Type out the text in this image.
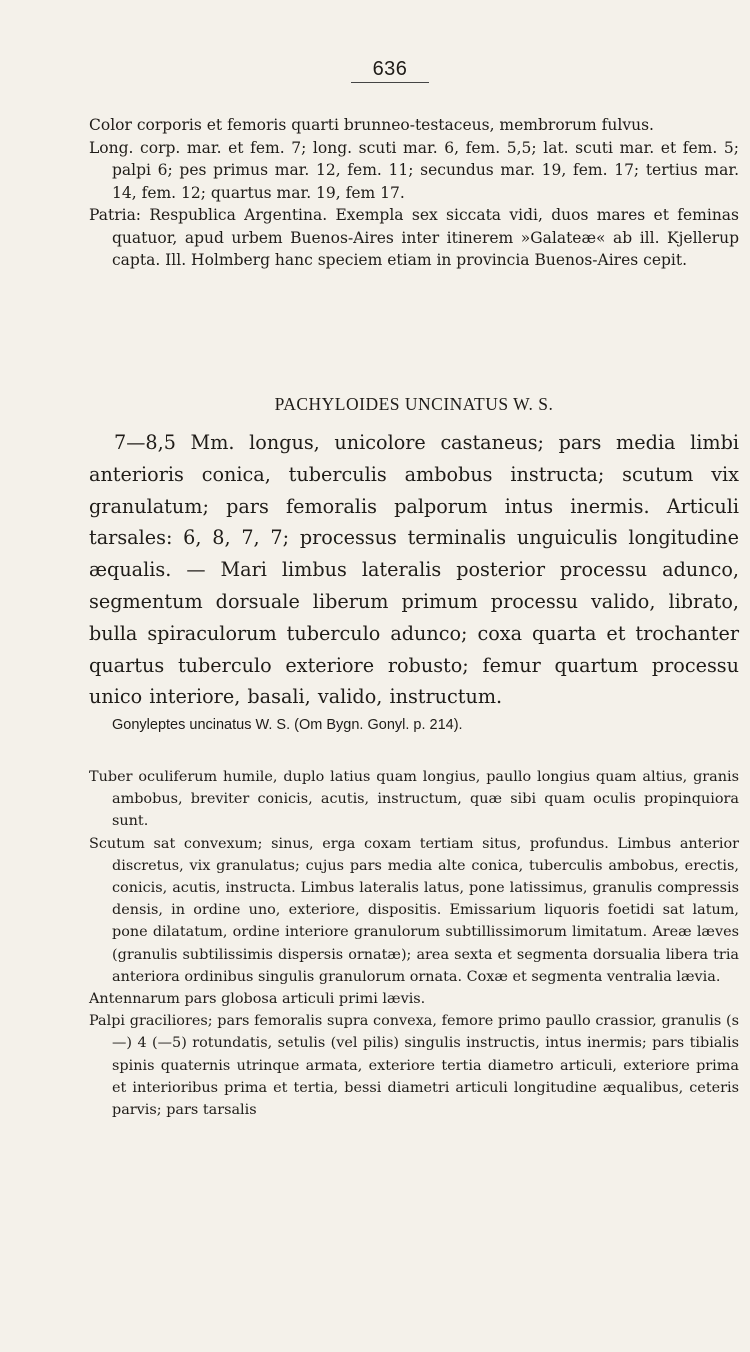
636

Color corporis et femoris quarti brunneo-testaceus, membrorum fulvus.

Long. corp. mar. et fem. 7; long. scuti mar. 6, fem. 5,5; lat. scuti mar. et fem. 5; palpi 6; pes primus mar. 12, fem. 11; secundus mar. 19, fem. 17; tertius mar. 14, fem. 12; quartus mar. 19, fem 17.

Patria: Respublica Argentina. Exempla sex siccata vidi, duos mares et feminas quatuor, apud urbem Buenos-Aires inter itinerem »Galateæ« ab ill. Kjellerup capta. Ill. Holmberg hanc speciem etiam in provincia Buenos-Aires cepit.

PACHYLOIDES UNCINATUS W. S.

7—8,5 Mm. longus, unicolore castaneus; pars media limbi anterioris conica, tuberculis ambobus instructa; scutum vix granulatum; pars femoralis palporum intus inermis. Articuli tarsales: 6, 8, 7, 7; processus terminalis unguiculis longitudine æqualis. — Mari limbus lateralis posterior processu adunco, segmentum dorsuale liberum primum processu valido, librato, bulla spiraculorum tuberculo adunco; coxa quarta et trochanter quartus tuberculo exteriore robusto; femur quartum processu unico interiore, basali, valido, instructum.

Gonyleptes uncinatus W. S. (Om Bygn. Gonyl. p. 214).

Tuber oculiferum humile, duplo latius quam longius, paullo longius quam altius, granis ambobus, breviter conicis, acutis, instructum, quæ sibi quam oculis propinquiora sunt.

Scutum sat convexum; sinus, erga coxam tertiam situs, profundus. Limbus anterior discretus, vix granulatus; cujus pars media alte conica, tuberculis ambobus, erectis, conicis, acutis, instructa. Limbus lateralis latus, pone latissimus, granulis compressis densis, in ordine uno, exteriore, dispositis. Emissarium liquoris foetidi sat latum, pone dilatatum, ordine interiore granulorum subtillissimorum limitatum. Areæ læves (granulis subtilissimis dispersis ornatæ); area sexta et segmenta dorsualia libera tria anteriora ordinibus singulis granulorum ornata. Coxæ et segmenta ventralia lævia.

Antennarum pars globosa articuli primi lævis.

Palpi graciliores; pars femoralis supra convexa, femore primo paullo crassior, granulis (s—) 4 (—5) rotundatis, setulis (vel pilis) singulis instructis, intus inermis; pars tibialis spinis quaternis utrinque armata, exteriore tertia diametro articuli, exteriore prima et interioribus prima et tertia, bessi diametri articuli longitudine æqualibus, ceteris parvis; pars tarsalis
